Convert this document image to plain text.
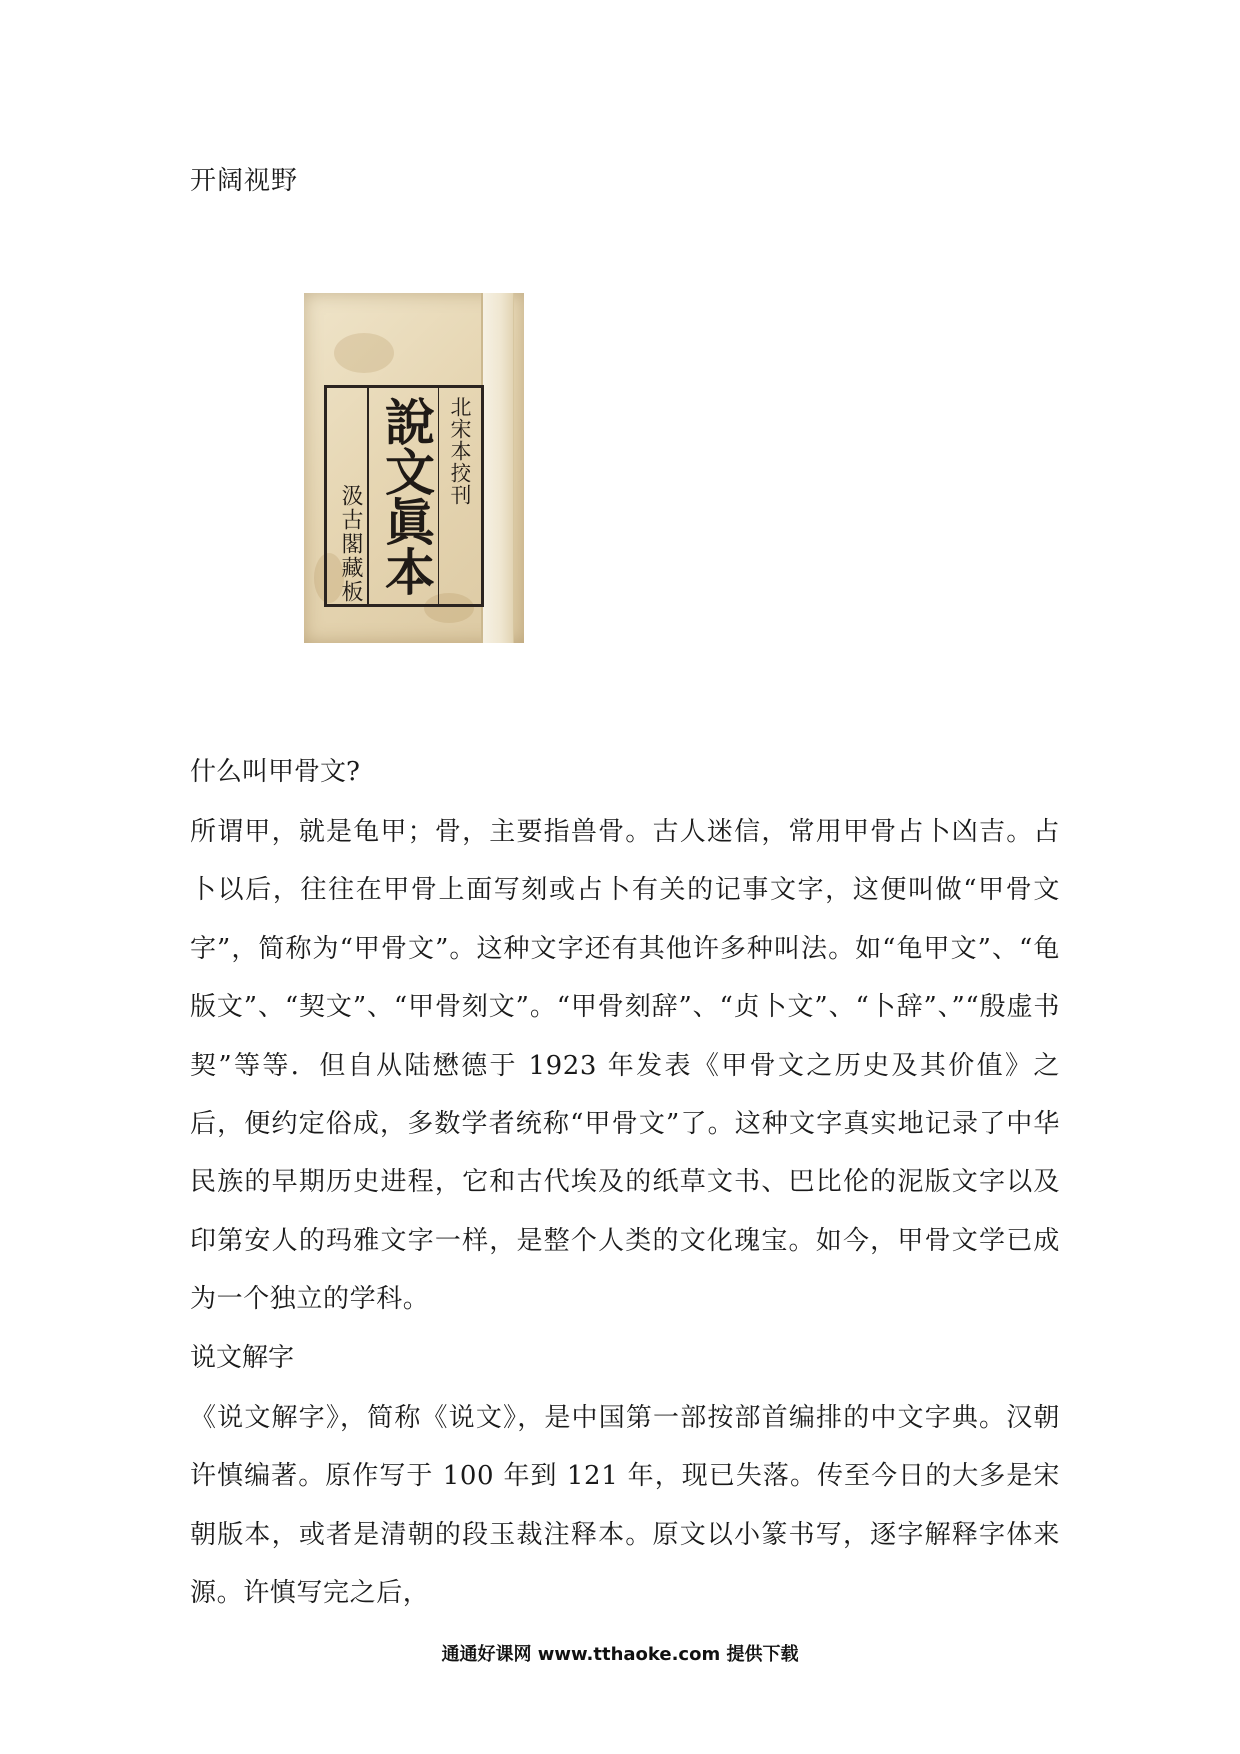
开阔视野
北宋本挍刊
說文眞本
汲古閣藏板
什么叫甲骨文?
所谓甲，就是龟甲；骨，主要指兽骨。古人迷信，常用甲骨占卜凶吉。占卜以后，往往在甲骨上面写刻或占卜有关的记事文字，这便叫做“甲骨文字”，简称为“甲骨文”。这种文字还有其他许多种叫法。如“龟甲文”、“龟版文”、“契文”、“甲骨刻文”。“甲骨刻辞”、“贞卜文”、“卜辞”、”“殷虚书契”等等．但自从陆懋德于 1923 年发表《甲骨文之历史及其价值》之后，便约定俗成，多数学者统称“甲骨文”了。这种文字真实地记录了中华民族的早期历史进程，它和古代埃及的纸草文书、巴比伦的泥版文字以及印第安人的玛雅文字一样，是整个人类的文化瑰宝。如今，甲骨文学已成为一个独立的学科。
说文解字
《说文解字》，简称《说文》，是中国第一部按部首编排的中文字典。汉朝许慎编著。原作写于 100 年到 121 年，现已失落。传至今日的大多是宋朝版本，或者是清朝的段玉裁注释本。原文以小篆书写，逐字解释字体来源。许慎写完之后，
通通好课网 www.tthaoke.com 提供下载
